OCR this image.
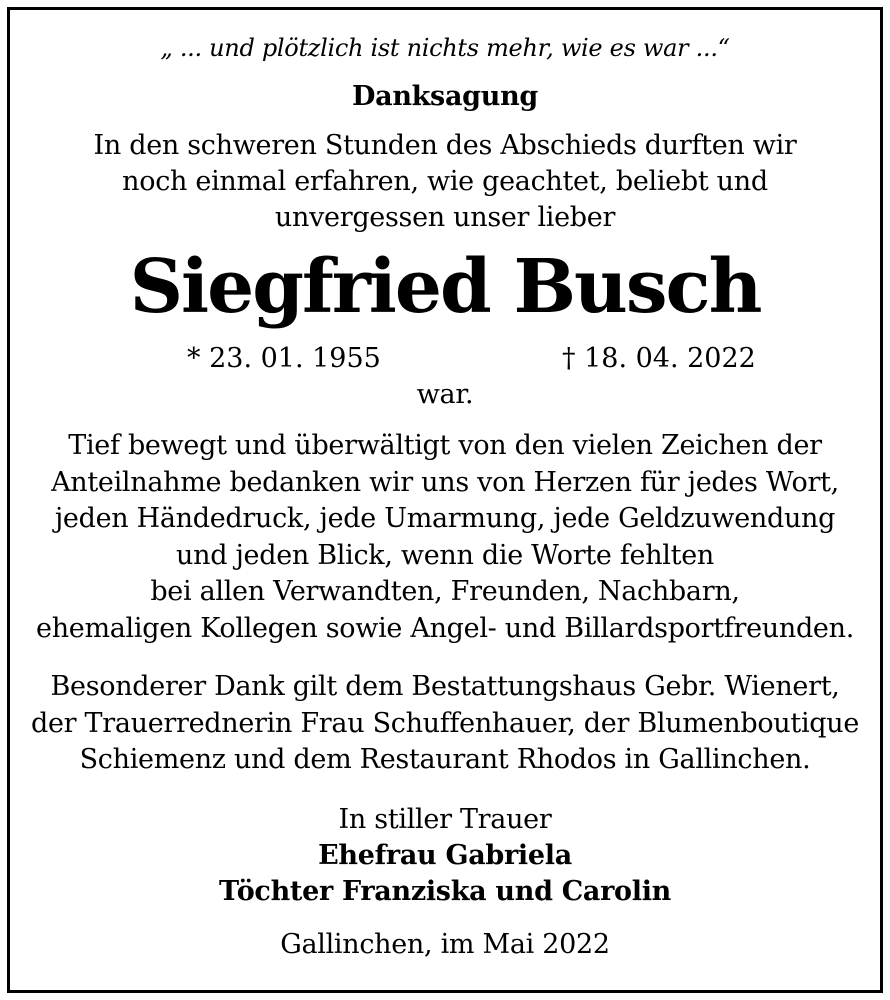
„ ... und plötzlich ist nichts mehr, wie es war ...“
Danksagung
In den schweren Stunden des Abschieds durften wir
noch einmal erfahren, wie geachtet, beliebt und
unvergessen unser lieber
Siegfried Busch
* 23. 01. 1955	† 18. 04. 2022
war.
Tief bewegt und überwältigt von den vielen Zeichen der
Anteilnahme bedanken wir uns von Herzen für jedes Wort,
jeden Händedruck, jede Umarmung, jede Geldzuwendung
und jeden Blick, wenn die Worte fehlten
bei allen Verwandten, Freunden, Nachbarn,
ehemaligen Kollegen sowie Angel- und Billardsportfreunden.
Besonderer Dank gilt dem Bestattungshaus Gebr. Wienert,
der Trauerrednerin Frau Schuffenhauer, der Blumenboutique
Schiemenz und dem Restaurant Rhodos in Gallinchen.
In stiller Trauer
Ehefrau Gabriela
Töchter Franziska und Carolin
Gallinchen, im Mai 2022
